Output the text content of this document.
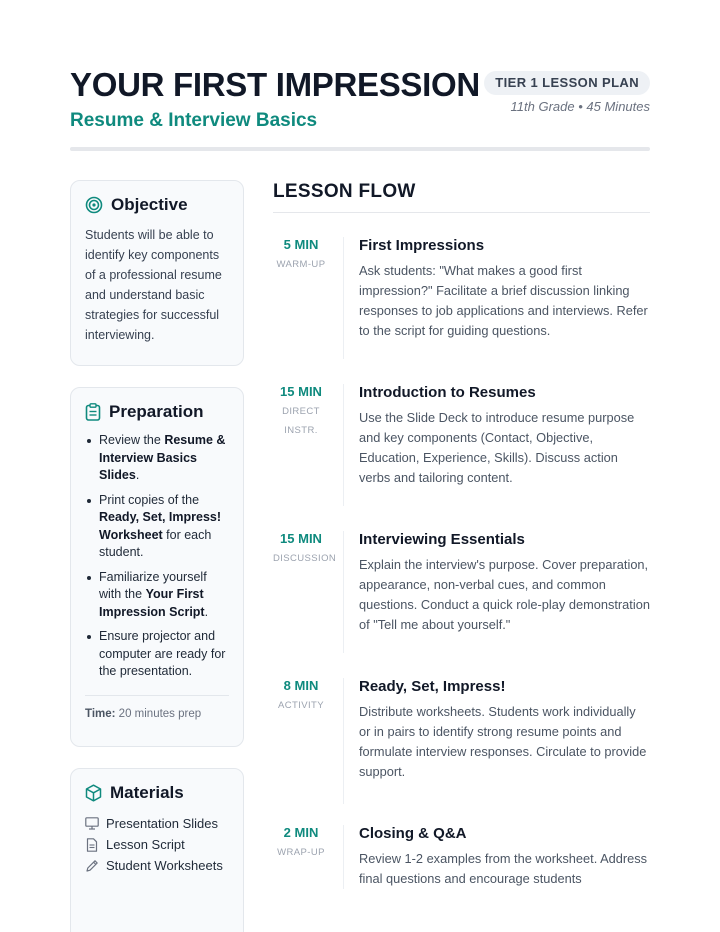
YOUR FIRST IMPRESSION
Resume & Interview Basics
TIER 1 LESSON PLAN
11th Grade • 45 Minutes
Objective

Students will be able to identify key components of a professional resume and understand basic strategies for successful interviewing.

Preparation
Review the Resume & Interview Basics Slides.
Print copies of the Ready, Set, Impress! Worksheet for each student.
Familiarize yourself with the Your First Impression Script.
Ensure projector and computer are ready for the presentation.
Time: 20 minutes prep
Materials
Presentation Slides
Lesson Script
Student Worksheets
LESSON FLOW
5 MIN
WARM-UP
First Impressions
Ask students: "What makes a good first impression?" Facilitate a brief discussion linking responses to job applications and interviews. Refer to the script for guiding questions.
15 MIN
DIRECT
INSTR.
Introduction to Resumes
Use the Slide Deck to introduce resume purpose and key components (Contact, Objective, Education, Experience, Skills). Discuss action verbs and tailoring content.
15 MIN
DISCUSSION
Interviewing Essentials
Explain the interview's purpose. Cover preparation, appearance, non-verbal cues, and common questions. Conduct a quick role-play demonstration of "Tell me about yourself."
8 MIN
ACTIVITY
Ready, Set, Impress!
Distribute worksheets. Students work individually or in pairs to identify strong resume points and formulate interview responses. Circulate to provide support.
2 MIN
WRAP-UP
Closing & Q&A
Review 1-2 examples from the worksheet. Address final questions and encourage students
